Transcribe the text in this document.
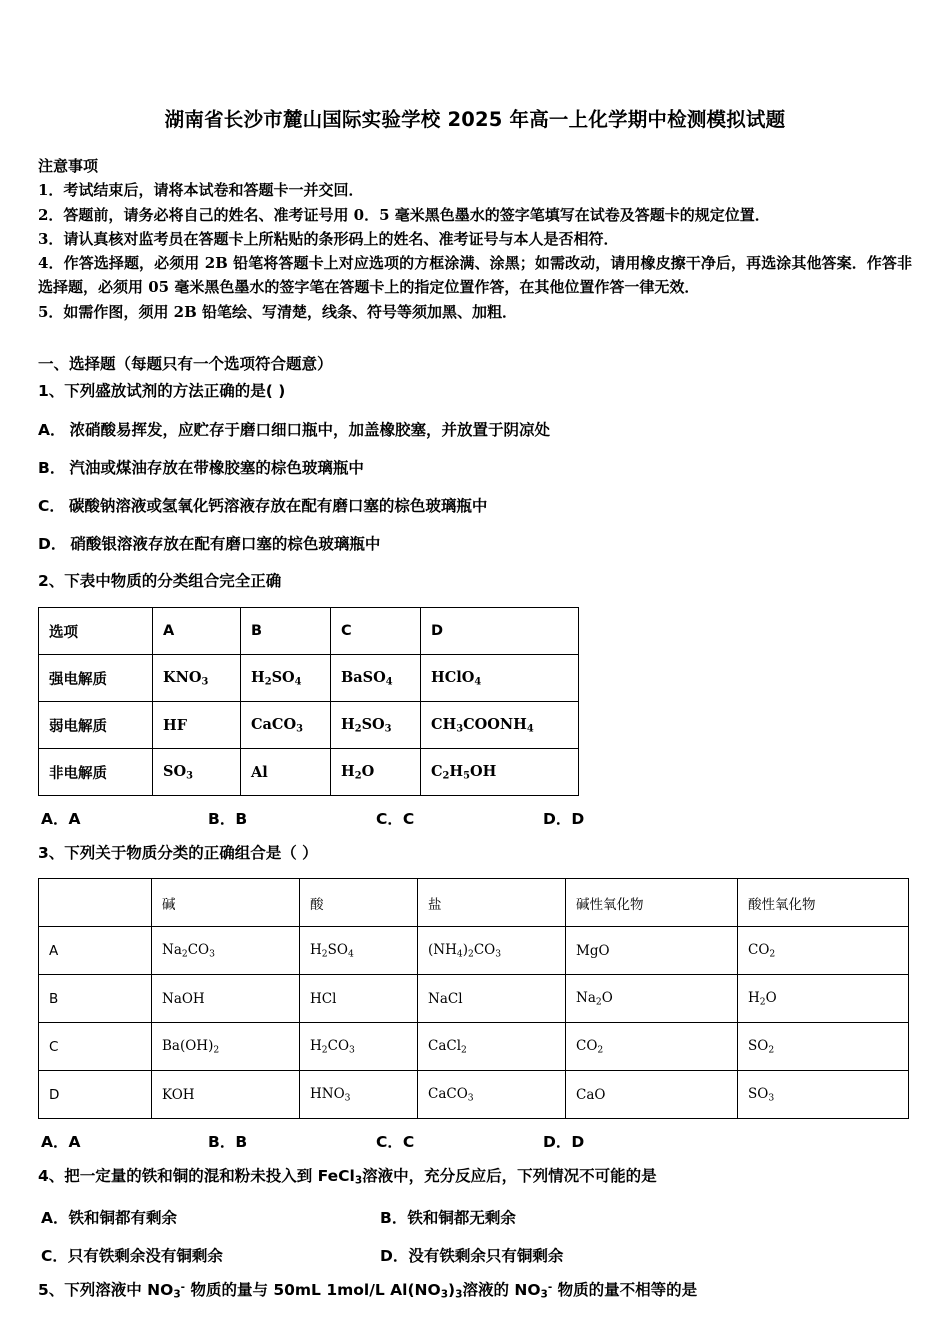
湖南省长沙市麓山国际实验学校 2025 年高一上化学期中检测模拟试题
注意事项
1．考试结束后，请将本试卷和答题卡一并交回．
2．答题前，请务必将自己的姓名、准考证号用 0．5 毫米黑色墨水的签字笔填写在试卷及答题卡的规定位置．
3．请认真核对监考员在答题卡上所粘贴的条形码上的姓名、准考证号与本人是否相符．
4．作答选择题，必须用 2B 铅笔将答题卡上对应选项的方框涂满、涂黑；如需改动，请用橡皮擦干净后，再选涂其他答案．作答非选择题，必须用 05 毫米黑色墨水的签字笔在答题卡上的指定位置作答，在其他位置作答一律无效．
5．如需作图，须用 2B 铅笔绘、写清楚，线条、符号等须加黑、加粗．
一、选择题（每题只有一个选项符合题意）
1、下列盛放试剂的方法正确的是( )
A． 浓硝酸易挥发，应贮存于磨口细口瓶中，加盖橡胶塞，并放置于阴凉处
B． 汽油或煤油存放在带橡胶塞的棕色玻璃瓶中
C． 碳酸钠溶液或氢氧化钙溶液存放在配有磨口塞的棕色玻璃瓶中
D． 硝酸银溶液存放在配有磨口塞的棕色玻璃瓶中
2、下表中物质的分类组合完全正确
选项	A	B	C	D
强电解质	$KNO_3$	$H_2SO_4$	BaSO$_4$	HClO$_4$
弱电解质	HF	CaCO$_3$	$H_2SO_3$	$CH_3COONH_4$
非电解质	$SO_3$	Al	$H_2O$	$C_2H_5OH$
A．A	B．B	C．C	D．D
3、下列关于物质分类的正确组合是（ ）
	碱	酸	盐	碱性氧化物	酸性氧化物
A	$Na_2CO_3$	$H_2SO_4$	$(NH_4)_2CO_3$	MgO	$CO_2$
B	NaOH	HCl	NaCl	$Na_2O$	$H_2O$
C	$Ba(OH)_2$	$H_2CO_3$	CaCl$_2$	$CO_2$	$SO_2$
D	KOH	$HNO_3$	CaCO$_3$	CaO	$SO_3$
A．A	B．B	C．C	D．D
4、把一定量的铁和铜的混和粉未投入到 FeCl$_3$溶液中，充分反应后，下列情况不可能的是
A．铁和铜都有剩余	B．铁和铜都无剩余
C．只有铁剩余没有铜剩余	D．没有铁剩余只有铜剩余
5、下列溶液中 $NO_3^-$ 物质的量与 50mL 1mol/L $Al(NO_3)_3$溶液的 $NO_3^-$ 物质的量不相等的是
